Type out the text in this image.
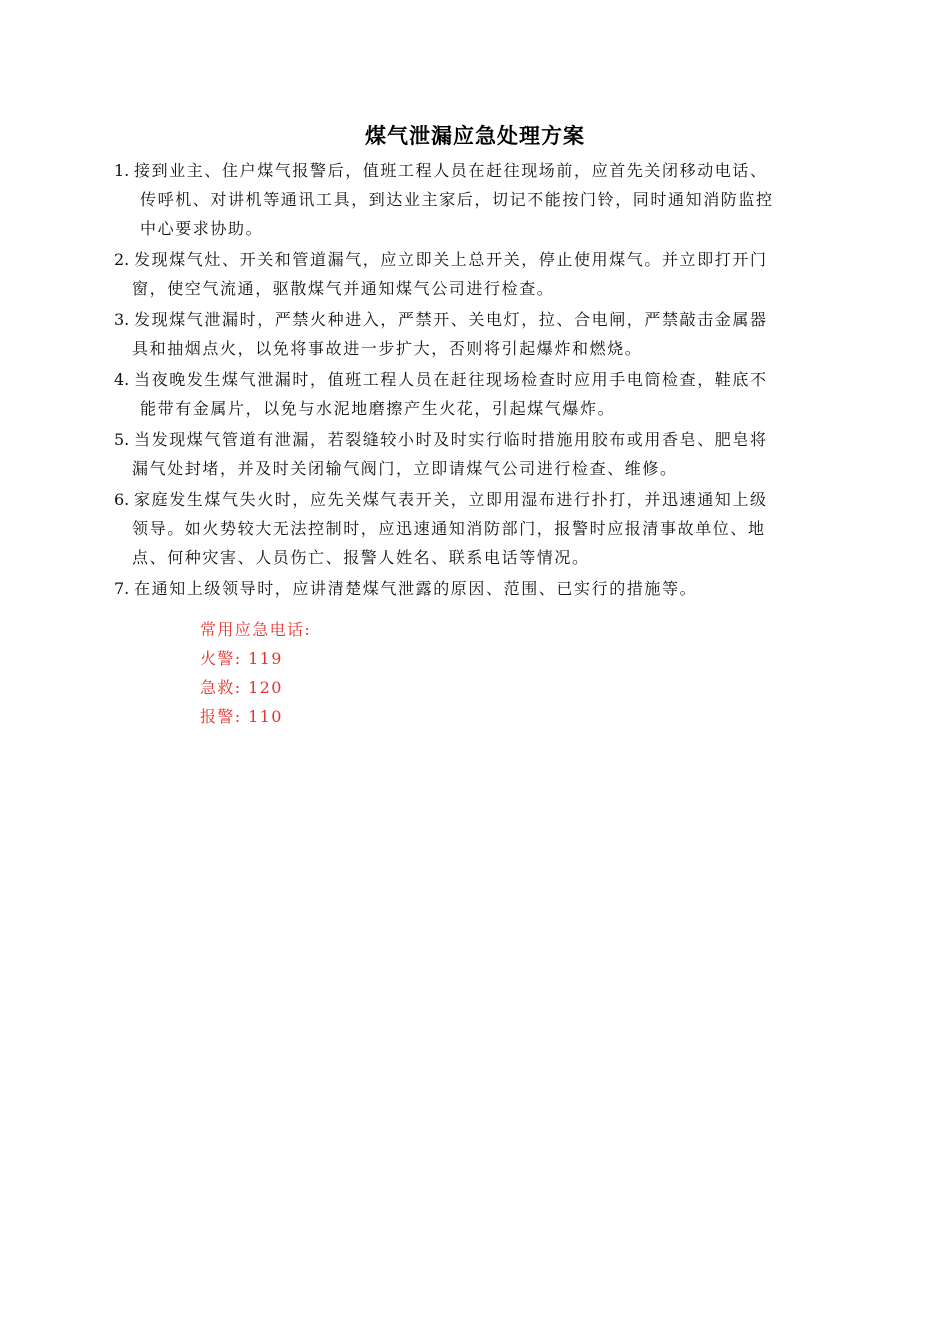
煤气泄漏应急处理方案
1. 接到业主、住户煤气报警后，值班工程人员在赶往现场前，应首先关闭移动电话、
传呼机、对讲机等通讯工具，到达业主家后，切记不能按门铃，同时通知消防监控
中心要求协助。
2. 发现煤气灶、开关和管道漏气，应立即关上总开关，停止使用煤气。并立即打开门
窗，使空气流通，驱散煤气并通知煤气公司进行检查。
3. 发现煤气泄漏时，严禁火种进入，严禁开、关电灯，拉、合电闸，严禁敲击金属器
具和抽烟点火，以免将事故进一步扩大，否则将引起爆炸和燃烧。
4. 当夜晚发生煤气泄漏时，值班工程人员在赶往现场检查时应用手电筒检查，鞋底不
能带有金属片，以免与水泥地磨擦产生火花，引起煤气爆炸。
5. 当发现煤气管道有泄漏，若裂缝较小时及时实行临时措施用胶布或用香皂、肥皂将
漏气处封堵，并及时关闭输气阀门，立即请煤气公司进行检查、维修。
6. 家庭发生煤气失火时，应先关煤气表开关，立即用湿布进行扑打，并迅速通知上级
领导。如火势较大无法控制时，应迅速通知消防部门，报警时应报清事故单位、地
点、何种灾害、人员伤亡、报警人姓名、联系电话等情况。
7. 在通知上级领导时，应讲清楚煤气泄露的原因、范围、已实行的措施等。
常用应急电话:
火警: 119
急救: 120
报警: 110
